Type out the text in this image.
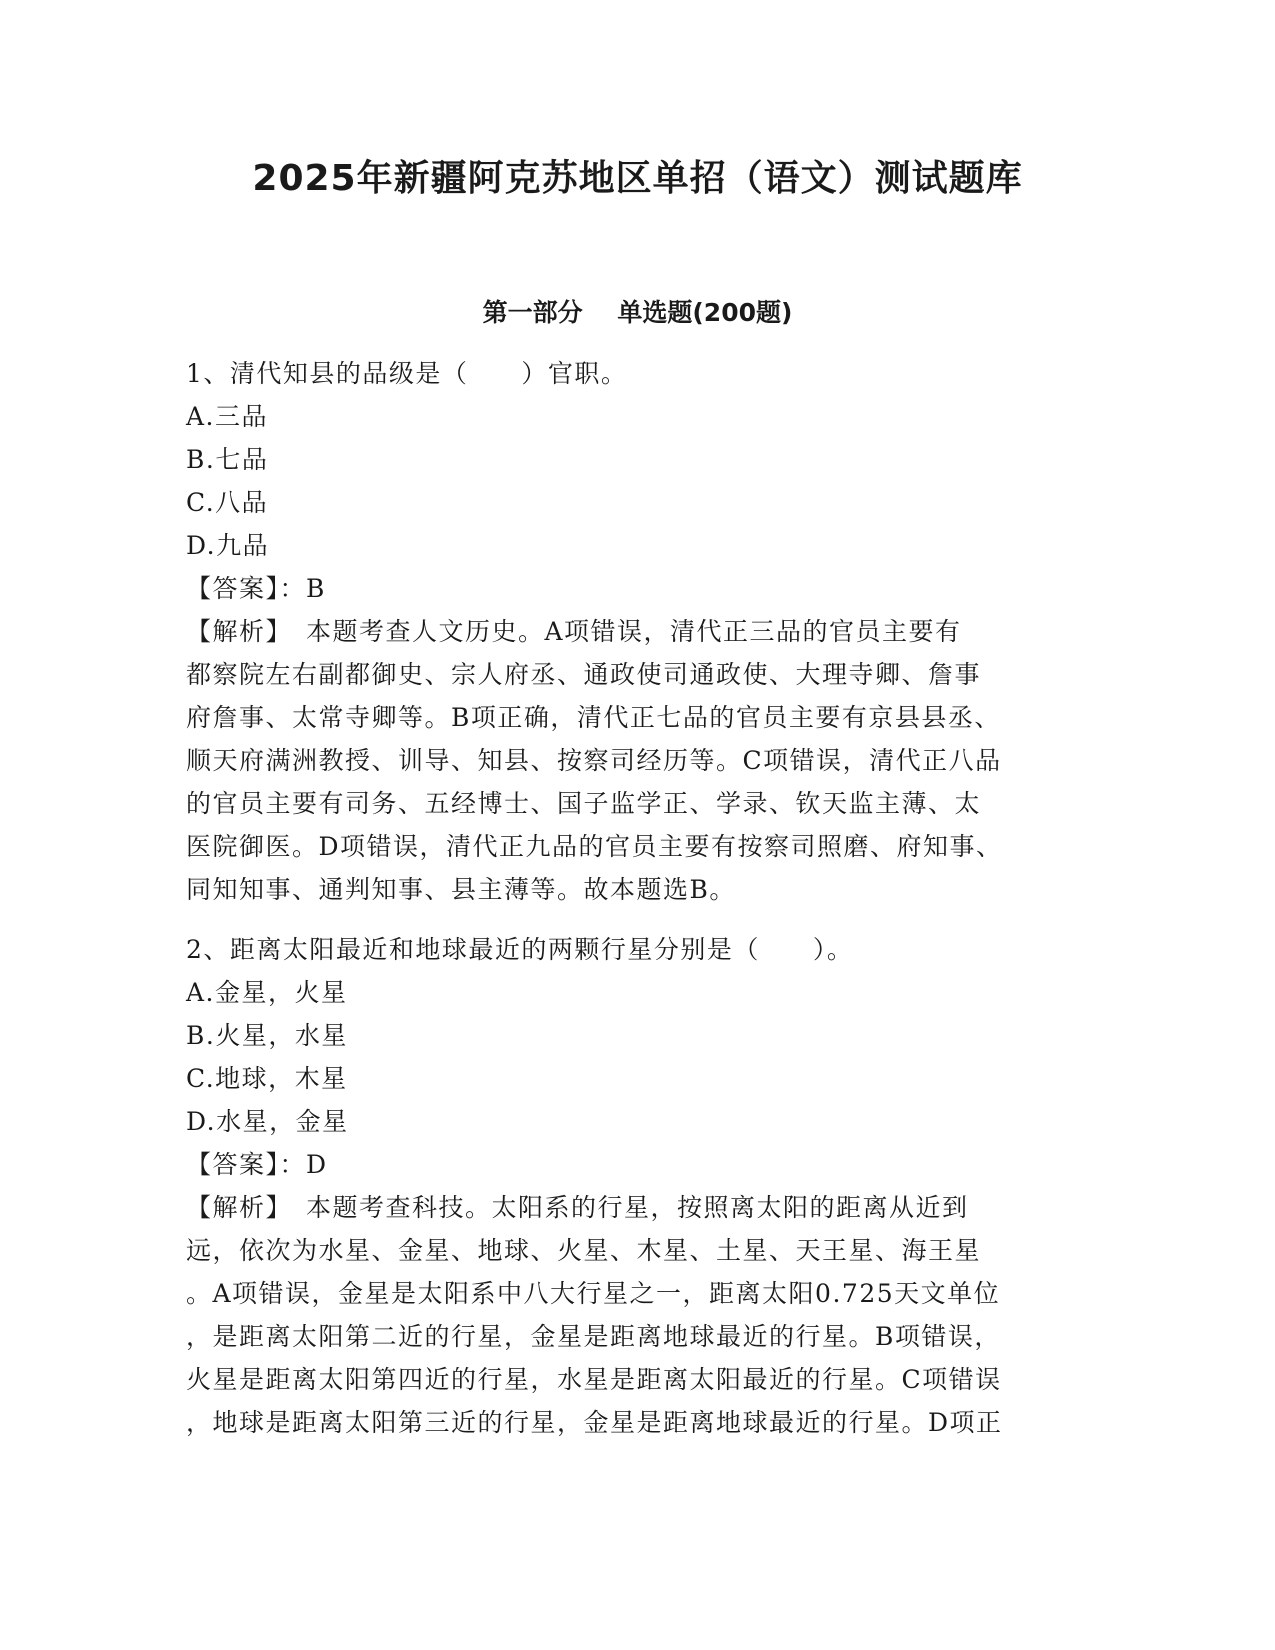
2025年新疆阿克苏地区单招（语文）测试题库
第一部分    单选题(200题)
1、清代知县的品级是（　　）官职。
A.三品
B.七品
C.八品
D.九品
【答案】：B
【解析】　本题考查人文历史。A项错误，清代正三品的官员主要有
都察院左右副都御史、宗人府丞、通政使司通政使、大理寺卿、詹事
府詹事、太常寺卿等。B项正确，清代正七品的官员主要有京县县丞、
顺天府满洲教授、训导、知县、按察司经历等。C项错误，清代正八品
的官员主要有司务、五经博士、国子监学正、学录、钦天监主薄、太
医院御医。D项错误，清代正九品的官员主要有按察司照磨、府知事、
同知知事、通判知事、县主薄等。故本题选B。
2、距离太阳最近和地球最近的两颗行星分别是（　　）。
A.金星，火星
B.火星，水星
C.地球，木星
D.水星，金星
【答案】：D
【解析】　本题考查科技。太阳系的行星，按照离太阳的距离从近到
远，依次为水星、金星、地球、火星、木星、土星、天王星、海王星
。A项错误，金星是太阳系中八大行星之一，距离太阳0.725天文单位
，是距离太阳第二近的行星，金星是距离地球最近的行星。B项错误，
火星是距离太阳第四近的行星，水星是距离太阳最近的行星。C项错误
，地球是距离太阳第三近的行星，金星是距离地球最近的行星。D项正
